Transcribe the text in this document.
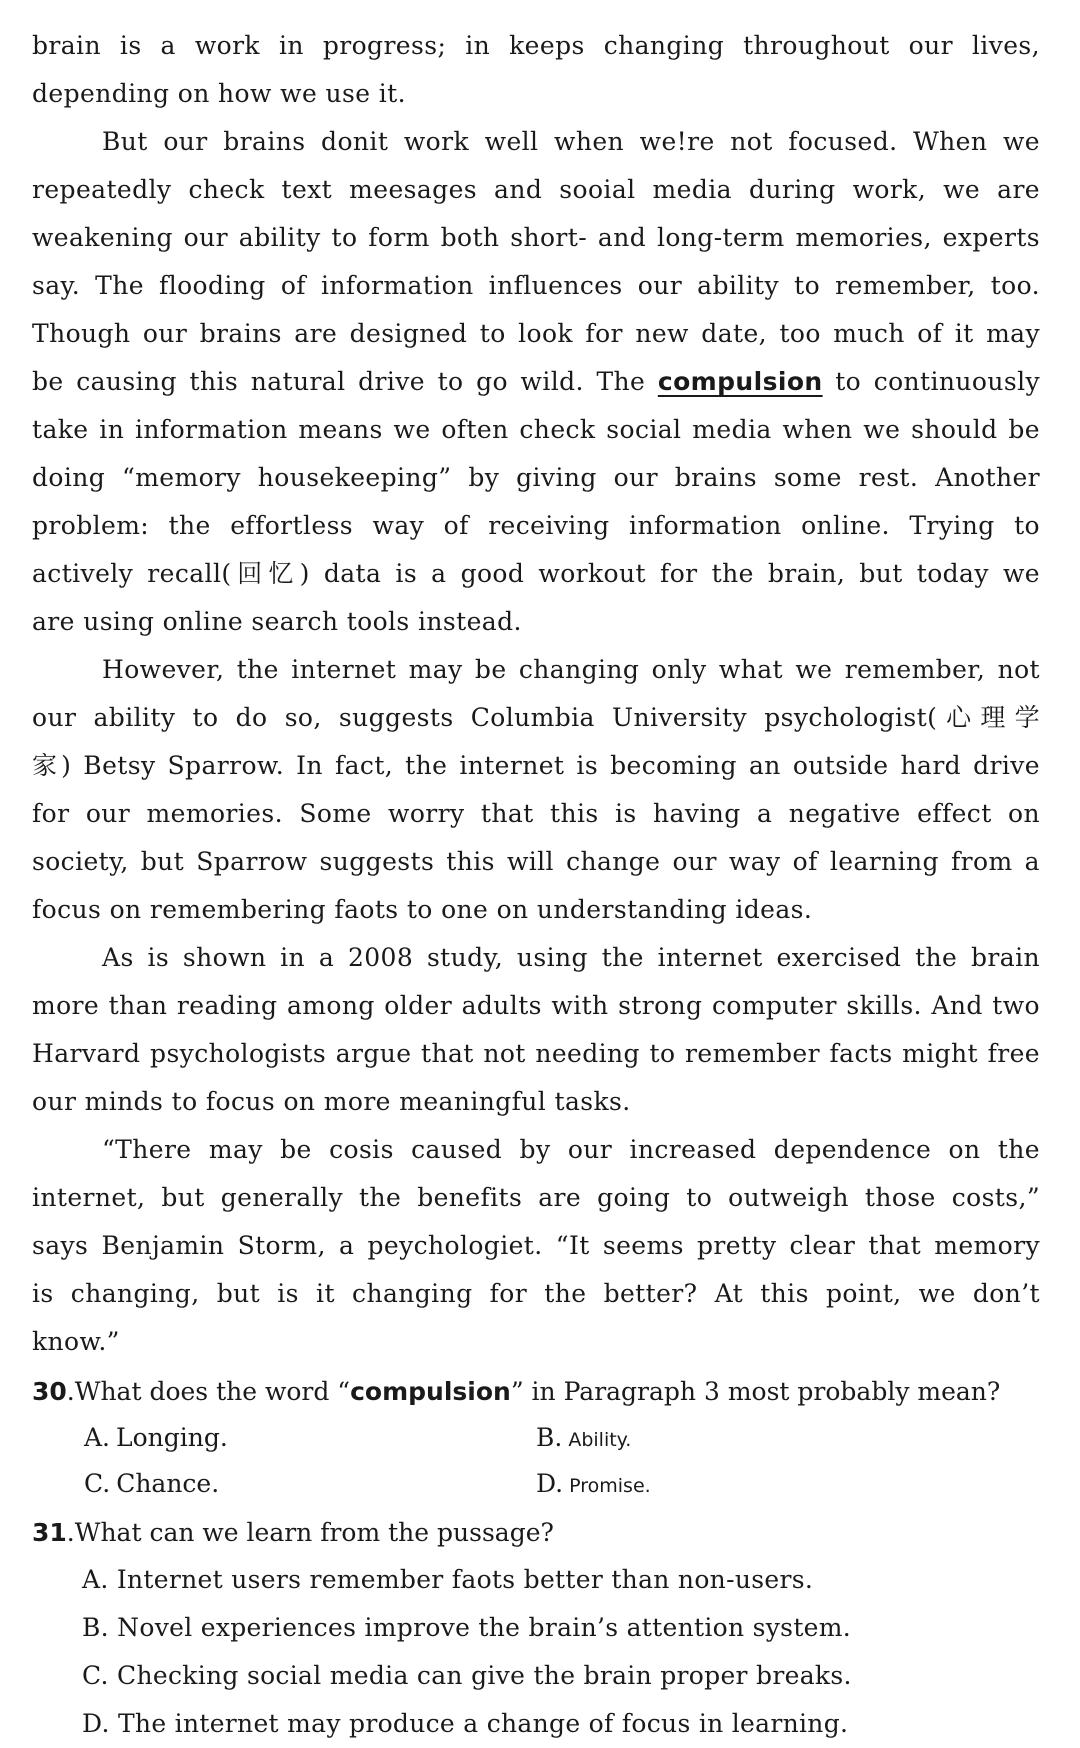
brain is a work in progress; in keeps changing throughout our lives,
depending on how we use it.
But our brains donit work well when we!re not focused. When we
repeatedly check text meesages and sooial media during work, we are
weakening our ability to form both short- and long-term memories, experts
say. The flooding of information influences our ability to remember, too.
Though our brains are designed to look for new date, too much of it may
be causing this natural drive to go wild. The compulsion to continuously
take in information means we often check social media when we should be
doing “memory housekeeping” by giving our brains some rest. Another
problem: the effortless way of receiving information online. Trying to
actively recall(回忆) data is a good workout for the brain, but today we
are using online search tools instead.
However, the internet may be changing only what we remember, not
our ability to do so, suggests Columbia University psychologist(心理学
家) Betsy Sparrow. In fact, the internet is becoming an outside hard drive
for our memories. Some worry that this is having a negative effect on
society, but Sparrow suggests this will change our way of learning from a
focus on remembering faots to one on understanding ideas.
As is shown in a 2008 study, using the internet exercised the brain
more than reading among older adults with strong computer skills. And two
Harvard psychologists argue that not needing to remember facts might free
our minds to focus on more meaningful tasks.
“There may be cosis caused by our increased dependence on the
internet, but generally the benefits are going to outweigh those costs,”
says Benjamin Storm, a peychologiet. “It seems pretty clear that memory
is changing, but is it changing for the better? At this point, we don’t
know.”
30.What does the word “compulsion” in Paragraph 3 most probably mean?
A. Longing.	B. Ability.
C. Chance.	D. Promise.
31.What can we learn from the pussage?
A. Internet users remember faots better than non-users.
B. Novel experiences improve the brain’s attention system.
C. Checking social media can give the brain proper breaks.
D. The internet may produce a change of focus in learning.
